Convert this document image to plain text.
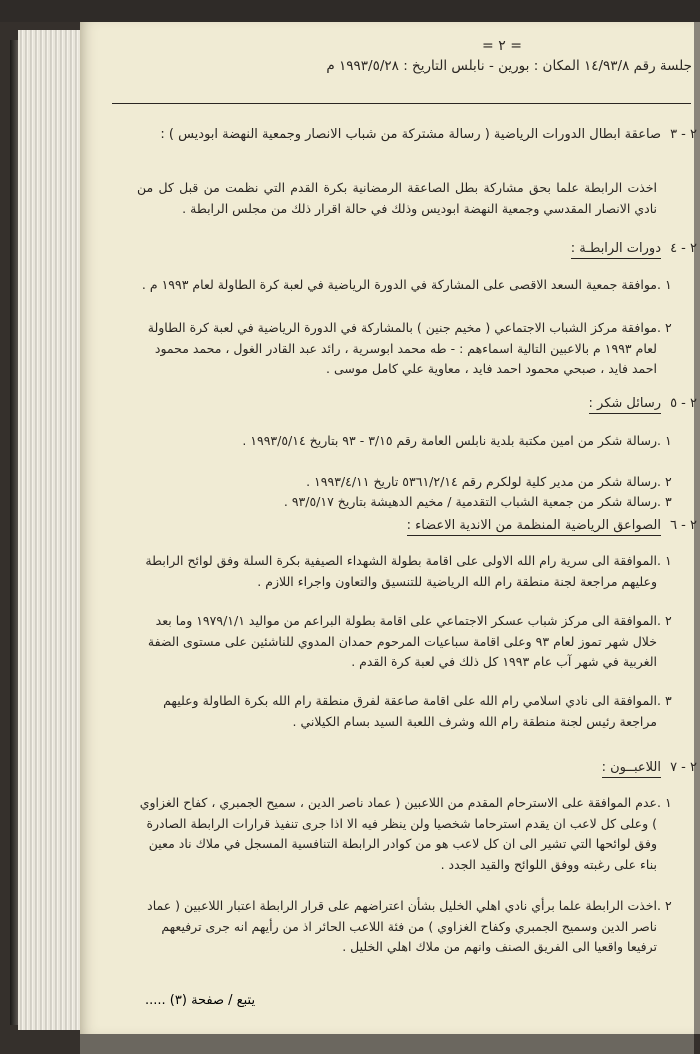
= ٢ =
جلسة رقم ١٤/٩٣/٨ المكان : بورين - نابلس التاريخ : ١٩٩٣/٥/٢٨ م
٢ - ٣
صاعقة ابطال الدورات الرياضية ( رسالة مشتركة من شباب الانصار وجمعية النهضة ابوديس ) :
اخذت الرابطة علما بحق مشاركة بطل الصاعقة الرمضانية بكرة القدم التي نظمت من قبل كل من نادي الانصار المقدسي وجمعية النهضة ابوديس وذلك في حالة اقرار ذلك من مجلس الرابطة .
٢ - ٤
دورات الرابطـة :
. ١
موافقة جمعية السعد الاقصى على المشاركة في الدورة الرياضية في لعبة كرة الطاولة لعام ١٩٩٣ م .
. ٢
موافقة مركز الشباب الاجتماعي ( مخيم جنين ) بالمشاركة في الدورة الرياضية في لعبة كرة الطاولة لعام ١٩٩٣ م بالاعبين التالية اسماءهم : - طه محمد ابوسرية ، رائد عبد القادر الغول ، محمد محمود احمد فايد ، صبحي محمود احمد فايد ، معاوية علي كامل موسى .
٢ - ٥
رسائل شكر :
. ١
رسالة شكر من امين مكتبة بلدية نابلس العامة رقم ٣/١٥ - ٩٣ بتاريخ ١٩٩٣/٥/١٤ .
. ٢
رسالة شكر من مدير كلية لولكرم رقم ٥٣٦١/٢/١٤ تاريخ ١٩٩٣/٤/١١ .
. ٣
رسالة شكر من جمعية الشباب التقدمية / مخيم الدهيشة بتاريخ ٩٣/٥/١٧ .
٢ - ٦
الصواعق الرياضية المنظمة من الاندية الاعضاء :
. ١
الموافقة الى سرية رام الله الاولى على اقامة بطولة الشهداء الصيفية بكرة السلة وفق لوائح الرابطة وعليهم مراجعة لجنة منطقة رام الله الرياضية للتنسيق والتعاون واجراء اللازم .
. ٢
الموافقة الى مركز شباب عسكر الاجتماعي على اقامة بطولة البراعم من مواليد ١٩٧٩/١/١ وما بعد خلال شهر تموز لعام ٩٣ وعلى اقامة سباعيات المرحوم حمدان المدوي للناشئين على مستوى الضفة الغربية في شهر آب عام ١٩٩٣ كل ذلك في لعبة كرة القدم .
. ٣
الموافقة الى نادي اسلامي رام الله على اقامة صاعقة لفرق منطقة رام الله بكرة الطاولة وعليهم مراجعة رئيس لجنة منطقة رام الله وشرف اللعبة السيد بسام الكيلاني .
٢ - ٧
اللاعبــون :
. ١
عدم الموافقة على الاسترحام المقدم من اللاعبين ( عماد ناصر الدين ، سميح الجمبري ، كفاح الغزاوي ) وعلى كل لاعب ان يقدم استرحاما شخصيا ولن ينظر فيه الا اذا جرى تنفيذ قرارات الرابطة الصادرة وفق لوائحها التي تشير الى ان كل لاعب هو من كوادر الرابطة التنافسية المسجل في ملاك ناد معين بناء على رغبته ووفق اللوائح والقيد الجدد .
. ٢
اخذت الرابطة علما برأي نادي اهلي الخليل بشأن اعتراضهم على قرار الرابطة اعتبار اللاعبين ( عماد ناصر الدين وسميح الجمبري وكفاح الغزاوي ) من فئة اللاعب الحائر اذ من رأيهم انه جرى ترفيعهم ترفيعا واقعيا الى الفريق الصنف وانهم من ملاك اهلي الخليل .
يتبع / صفحة (٣) .....
